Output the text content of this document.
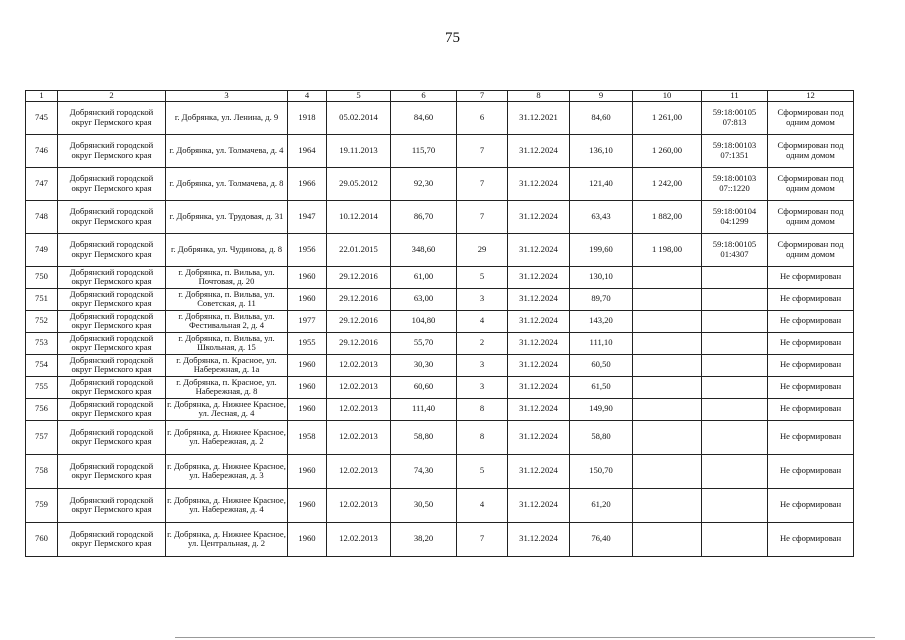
75
1	2	3	4	5	6	7	8	9	10	11	12
745	Добрянский городской округ Пермского края	г. Добрянка, ул. Ленина, д. 9	1918	05.02.2014	84,60	6	31.12.2021	84,60	1 261,00	59:18:00105 07:813	Сформирован под одним домом
746	Добрянский городской округ Пермского края	г. Добрянка, ул. Толмачева, д. 4	1964	19.11.2013	115,70	7	31.12.2024	136,10	1 260,00	59:18:00103 07:1351	Сформирован под одним домом
747	Добрянский городской округ Пермского края	г. Добрянка, ул. Толмачева, д. 8	1966	29.05.2012	92,30	7	31.12.2024	121,40	1 242,00	59:18:00103 07::1220	Сформирован под одним домом
748	Добрянский городской округ Пермского края	г. Добрянка, ул. Трудовая, д. 31	1947	10.12.2014	86,70	7	31.12.2024	63,43	1 882,00	59:18:00104 04:1299	Сформирован под одним домом
749	Добрянский городской округ Пермского края	г. Добрянка, ул. Чудинова, д. 8	1956	22.01.2015	348,60	29	31.12.2024	199,60	1 198,00	59:18:00105 01:4307	Сформирован под одним домом
750	Добрянский городской округ Пермского края	г. Добрянка, п. Вильва, ул. Почтовая, д. 20	1960	29.12.2016	61,00	5	31.12.2024	130,10			Не сформирован
751	Добрянский городской округ Пермского края	г. Добрянка, п. Вильва, ул. Советская, д. 11	1960	29.12.2016	63,00	3	31.12.2024	89,70			Не сформирован
752	Добрянский городской округ Пермского края	г. Добрянка, п. Вильва, ул. Фестивальная 2, д. 4	1977	29.12.2016	104,80	4	31.12.2024	143,20			Не сформирован
753	Добрянский городской округ Пермского края	г. Добрянка, п. Вильва, ул. Школьная, д. 15	1955	29.12.2016	55,70	2	31.12.2024	111,10			Не сформирован
754	Добрянский городской округ Пермского края	г. Добрянка, п. Красное, ул. Набережная, д. 1а	1960	12.02.2013	30,30	3	31.12.2024	60,50			Не сформирован
755	Добрянский городской округ Пермского края	г. Добрянка, п. Красное, ул. Набережная, д. 8	1960	12.02.2013	60,60	3	31.12.2024	61,50			Не сформирован
756	Добрянский городской округ Пермского края	г. Добрянка, д. Нижнее Красное, ул. Лесная, д. 4	1960	12.02.2013	111,40	8	31.12.2024	149,90			Не сформирован
757	Добрянский городской округ Пермского края	г. Добрянка, д. Нижнее Красное, ул. Набережная, д. 2	1958	12.02.2013	58,80	8	31.12.2024	58,80			Не сформирован
758	Добрянский городской округ Пермского края	г. Добрянка, д. Нижнее Красное, ул. Набережная, д. 3	1960	12.02.2013	74,30	5	31.12.2024	150,70			Не сформирован
759	Добрянский городской округ Пермского края	г. Добрянка, д. Нижнее Красное, ул. Набережная, д. 4	1960	12.02.2013	30,50	4	31.12.2024	61,20			Не сформирован
760	Добрянский городской округ Пермского края	г. Добрянка, д. Нижнее Красное, ул. Центральная, д. 2	1960	12.02.2013	38,20	7	31.12.2024	76,40			Не сформирован
